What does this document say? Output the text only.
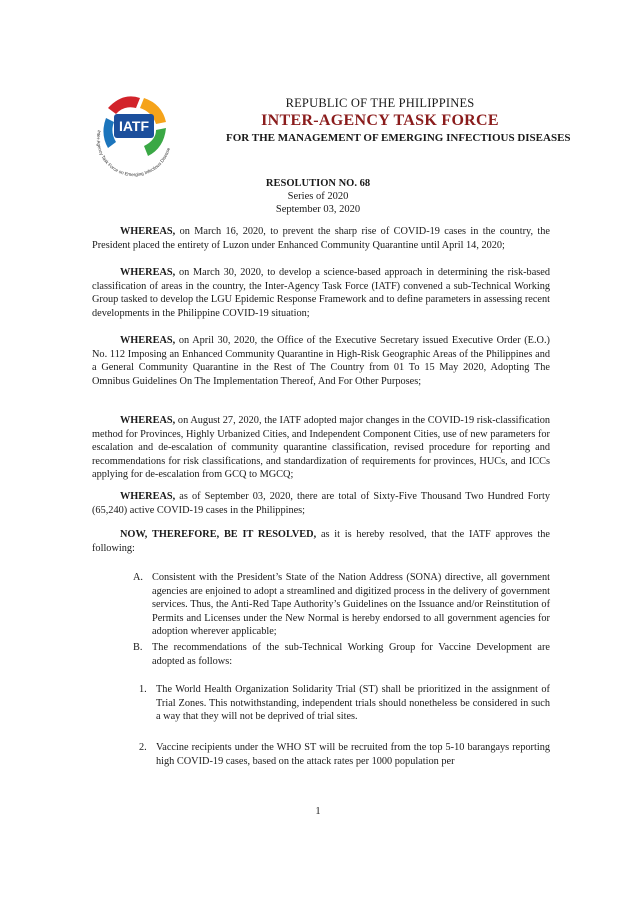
IATF
Inter-Agency Task Force on Emerging Infectious Disease
REPUBLIC OF THE PHILIPPINES
INTER-AGENCY TASK FORCE
FOR THE MANAGEMENT OF EMERGING INFECTIOUS DISEASES
RESOLUTION NO. 68
Series of 2020
September 03, 2020

WHEREAS, on March 16, 2020, to prevent the sharp rise of COVID-19 cases in the country, the President placed the entirety of Luzon under Enhanced Community Quarantine until April 14, 2020;

WHEREAS, on March 30, 2020, to develop a science-based approach in determining the risk-based classification of areas in the country, the Inter-Agency Task Force (IATF) convened a sub-Technical Working Group tasked to develop the LGU Epidemic Response Framework and to define parameters in assessing recent developments in the Philippine COVID-19 situation;

WHEREAS, on April 30, 2020, the Office of the Executive Secretary issued Executive Order (E.O.) No. 112 Imposing an Enhanced Community Quarantine in High-Risk Geographic Areas of the Philippines and a General Community Quarantine in the Rest of The Country from 01 To 15 May 2020, Adopting The Omnibus Guidelines On The Implementation Thereof, And For Other Purposes;

WHEREAS, on August 27, 2020, the IATF adopted major changes in the COVID-19 risk-classification method for Provinces, Highly Urbanized Cities, and Independent Component Cities, use of new parameters for escalation and de-escalation of community quarantine classification, revised procedure for reporting and recommendations for risk classifications, and standardization of requirements for provinces, HUCs, and ICCs applying for de-escalation from GCQ to MGCQ;

WHEREAS, as of September 03, 2020, there are total of Sixty-Five Thousand Two Hundred Forty (65,240) active COVID-19 cases in the Philippines;

NOW, THEREFORE, BE IT RESOLVED, as it is hereby resolved, that the IATF approves the following:

A. Consistent with the President’s State of the Nation Address (SONA) directive, all government agencies are enjoined to adopt a streamlined and digitized process in the delivery of government services. Thus, the Anti-Red Tape Authority’s Guidelines on the Issuance and/or Reinstitution of Permits and Licenses under the New Normal is hereby endorsed to all government agencies for adoption wherever applicable;
B. The recommendations of the sub-Technical Working Group for Vaccine Development are adopted as follows:
1. The World Health Organization Solidarity Trial (ST) shall be prioritized in the assignment of Trial Zones. This notwithstanding, independent trials should nonetheless be considered in such a way that they will not be deprived of trial sites.
2. Vaccine recipients under the WHO ST will be recruited from the top 5-10 barangays reporting high COVID-19 cases, based on the attack rates per 1000 population per
1
